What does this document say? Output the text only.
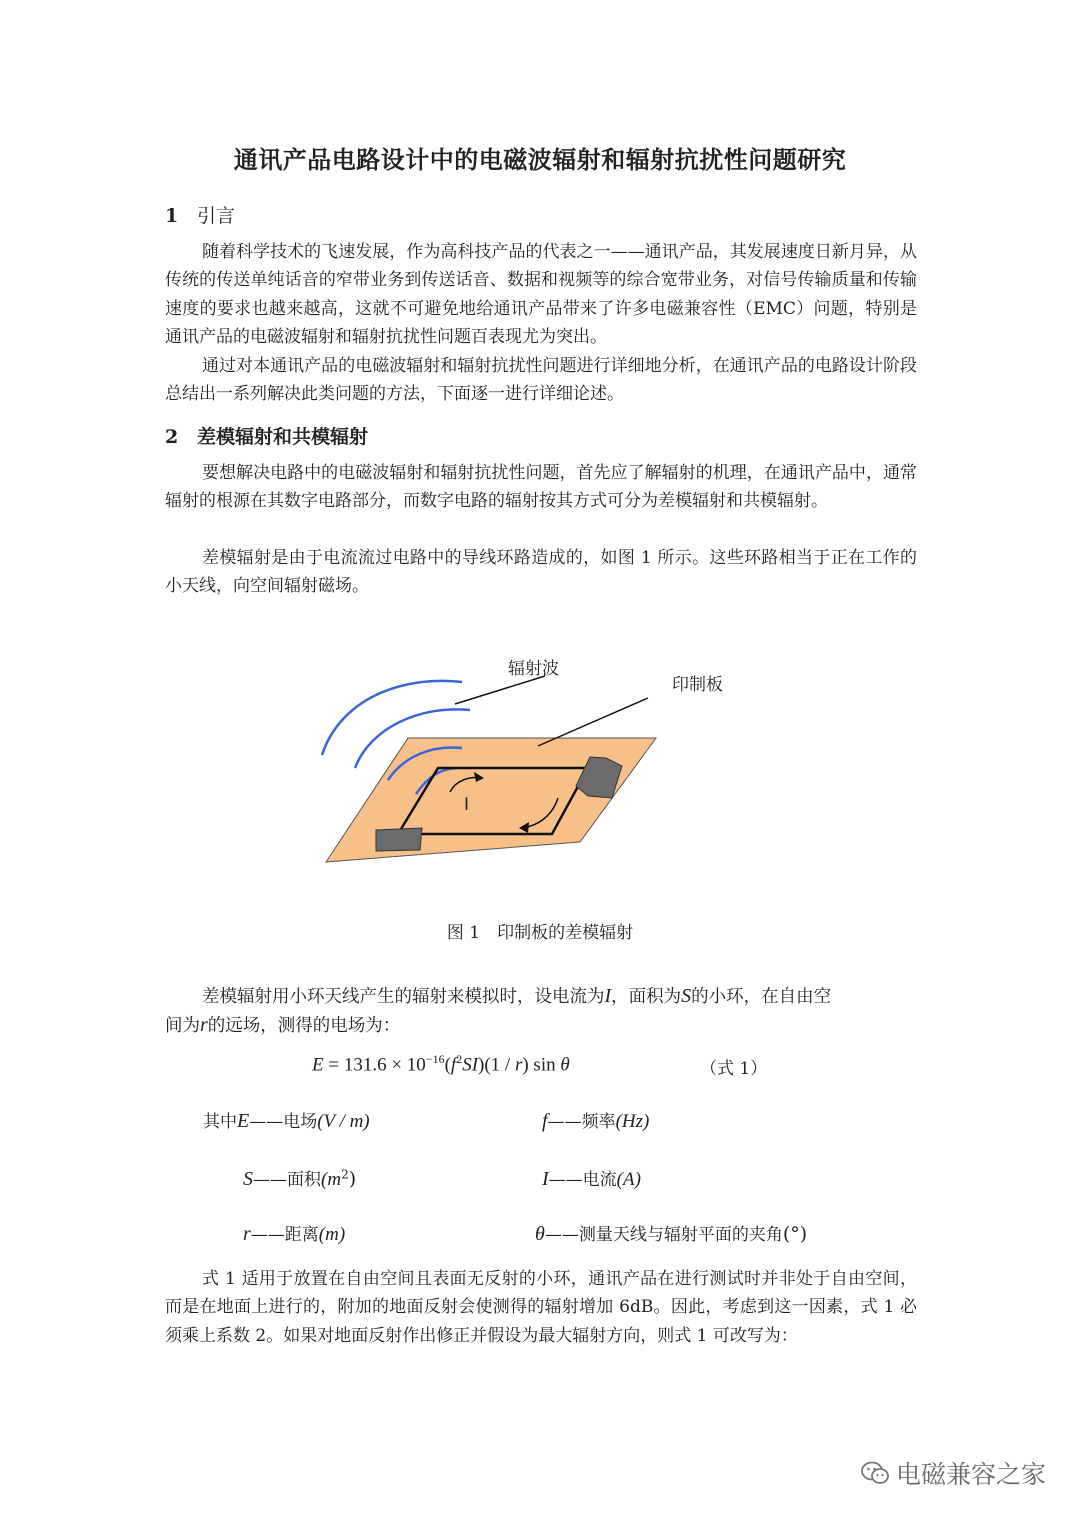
通讯产品电路设计中的电磁波辐射和辐射抗扰性问题研究
1 引言
随着科学技术的飞速发展，作为高科技产品的代表之一——通讯产品，其发展速度日新月异，从传统的传送单纯话音的窄带业务到传送话音、数据和视频等的综合宽带业务，对信号传输质量和传输速度的要求也越来越高，这就不可避免地给通讯产品带来了许多电磁兼容性（EMC）问题，特别是通讯产品的电磁波辐射和辐射抗扰性问题百表现尤为突出。
通过对本通讯产品的电磁波辐射和辐射抗扰性问题进行详细地分析，在通讯产品的电路设计阶段总结出一系列解决此类问题的方法，下面逐一进行详细论述。
2 差模辐射和共模辐射
要想解决电路中的电磁波辐射和辐射抗扰性问题，首先应了解辐射的机理，在通讯产品中，通常辐射的根源在其数字电路部分，而数字电路的辐射按其方式可分为差模辐射和共模辐射。
差模辐射是由于电流流过电路中的导线环路造成的，如图 1 所示。这些环路相当于正在工作的小天线，向空间辐射磁场。
辐射波
印制板
I
图 1　印制板的差模辐射
差模辐射用小环天线产生的辐射来模拟时，设电流为I，面积为S的小环，在自由空
间为r的远场，测得的电场为：
$E = 131.6 \times 10^{-16}(f^2SI)(1 / r)$ sin θ	（式 1）
其中E——电场(V / m)	f——频率(Hz)
S——面积$(m^2)$	I——电流(A)
r——距离(m)	θ——测量天线与辐射平面的夹角(°)
式 1 适用于放置在自由空间且表面无反射的小环，通讯产品在进行测试时并非处于自由空间，而是在地面上进行的，附加的地面反射会使测得的辐射增加 6dB。因此，考虑到这一因素，式 1 必须乘上系数 2。如果对地面反射作出修正并假设为最大辐射方向，则式 1 可改写为：
电磁兼容之家
